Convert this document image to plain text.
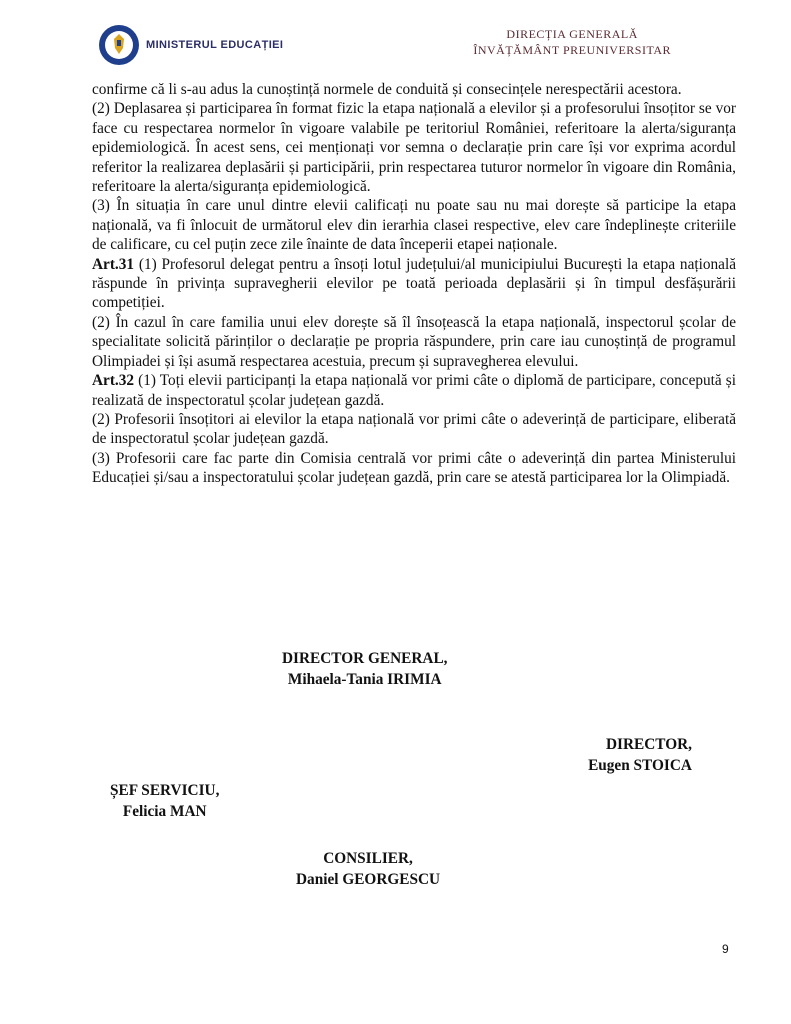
MINISTERUL EDUCAȚIEI
DIRECȚIA GENERALĂ
ÎNVĂȚĂMÂNT PREUNIVERSITAR

confirme că li s-au adus la cunoștință normele de conduită și consecințele nerespectării acestora.

(2) Deplasarea și participarea în format fizic la etapa națională a elevilor și a profesorului însoțitor se vor face cu respectarea normelor în vigoare valabile pe teritoriul României, referitoare la alerta/siguranța epidemiologică. În acest sens, cei menționați vor semna o declarație prin care își vor exprima acordul referitor la realizarea deplasării și participării, prin respectarea tuturor normelor în vigoare din România, referitoare la alerta/siguranța epidemiologică.

(3) În situația în care unul dintre elevii calificați nu poate sau nu mai dorește să participe la etapa națională, va fi înlocuit de următorul elev din ierarhia clasei respective, elev care îndeplinește criteriile de calificare, cu cel puțin zece zile înainte de data începerii etapei naționale.

Art.31 (1) Profesorul delegat pentru a însoți lotul județului/al municipiului București la etapa națională răspunde în privința supravegherii elevilor pe toată perioada deplasării și în timpul desfășurării competiției.

(2) În cazul în care familia unui elev dorește să îl însoțească la etapa națională, inspectorul școlar de specialitate solicită părinților o declarație pe propria răspundere, prin care iau cunoștință de programul Olimpiadei și își asumă respectarea acestuia, precum și supravegherea elevului.

Art.32 (1) Toți elevii participanți la etapa națională vor primi câte o diplomă de participare, concepută și realizată de inspectoratul școlar județean gazdă.

(2) Profesorii însoțitori ai elevilor la etapa națională vor primi câte o adeverință de participare, eliberată de inspectoratul școlar județean gazdă.

(3) Profesorii care fac parte din Comisia centrală vor primi câte o adeverință din partea Ministerului Educației și/sau a inspectoratului școlar județean gazdă, prin care se atestă participarea lor la Olimpiadă.

DIRECTOR GENERAL,
Mihaela-Tania IRIMIA
DIRECTOR,
Eugen STOICA
ȘEF SERVICIU,
Felicia MAN
CONSILIER,
Daniel GEORGESCU
9
